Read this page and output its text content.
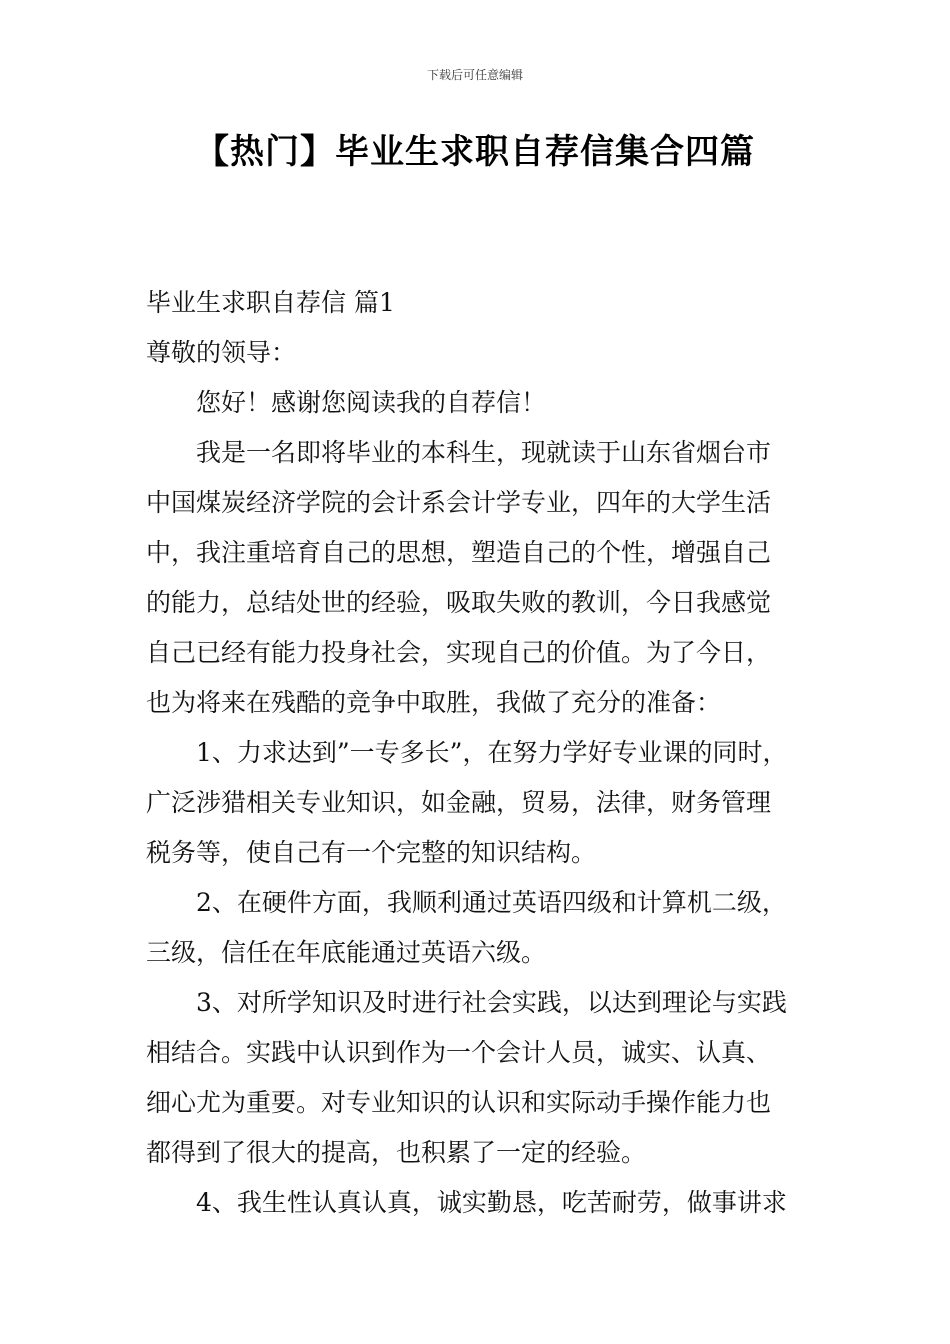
下载后可任意编辑
【热门】毕业生求职自荐信集合四篇

毕业生求职自荐信 篇1

尊敬的领导：

您好！感谢您阅读我的自荐信！

我是一名即将毕业的本科生，现就读于山东省烟台市

中国煤炭经济学院的会计系会计学专业，四年的大学生活

中，我注重培育自己的思想，塑造自己的个性，增强自己

的能力，总结处世的经验，吸取失败的教训，今日我感觉

自己已经有能力投身社会，实现自己的价值。为了今日，

也为将来在残酷的竞争中取胜，我做了充分的准备：

1、力求达到”一专多长”，在努力学好专业课的同时，

广泛涉猎相关专业知识，如金融，贸易，法律，财务管理

税务等，使自己有一个完整的知识结构。

2、在硬件方面，我顺利通过英语四级和计算机二级，

三级，信任在年底能通过英语六级。

3、对所学知识及时进行社会实践，以达到理论与实践

相结合。实践中认识到作为一个会计人员，诚实、认真、

细心尤为重要。对专业知识的认识和实际动手操作能力也

都得到了很大的提高，也积累了一定的经验。

4、我生性认真认真，诚实勤恳，吃苦耐劳，做事讲求
